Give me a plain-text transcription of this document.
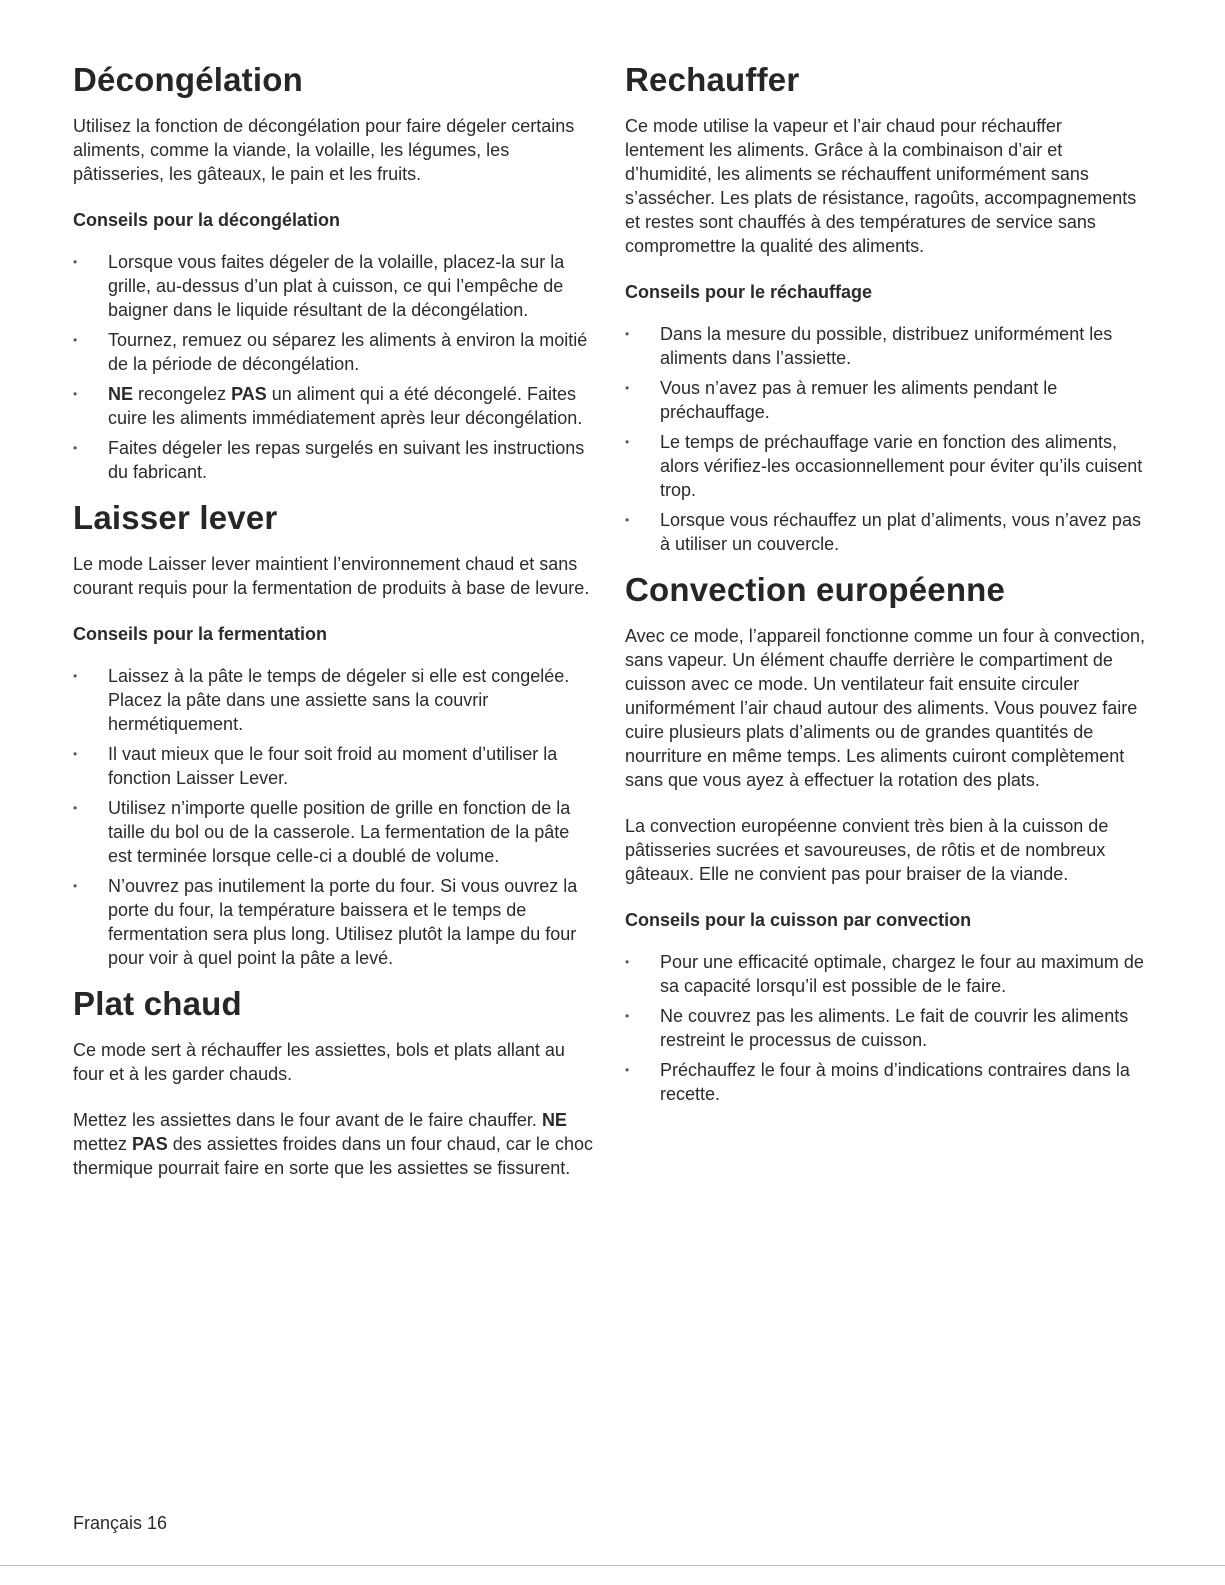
Décongélation

Utilisez la fonction de décongélation pour faire dégeler certains aliments, comme la viande, la volaille, les légumes, les pâtisseries, les gâteaux, le pain et les fruits.

Conseils pour la décongélation
• Lorsque vous faites dégeler de la volaille, placez-la sur la grille, au-dessus d’un plat à cuisson, ce qui l’empêche de baigner dans le liquide résultant de la décongélation.
• Tournez, remuez ou séparez les aliments à environ la moitié de la période de décongélation.
• NE recongelez PAS un aliment qui a été décongelé. Faites cuire les aliments immédiatement après leur décongélation.
• Faites dégeler les repas surgelés en suivant les instructions du fabricant.
Laisser lever

Le mode Laisser lever maintient l’environnement chaud et sans courant requis pour la fermentation de produits à base de levure.

Conseils pour la fermentation
• Laissez à la pâte le temps de dégeler si elle est congelée. Placez la pâte dans une assiette sans la couvrir hermétiquement.
• Il vaut mieux que le four soit froid au moment d’utiliser la fonction Laisser Lever.
• Utilisez n’importe quelle position de grille en fonction de la taille du bol ou de la casserole. La fermentation de la pâte est terminée lorsque celle-ci a doublé de volume.
• N’ouvrez pas inutilement la porte du four. Si vous ouvrez la porte du four, la température baissera et le temps de fermentation sera plus long. Utilisez plutôt la lampe du four pour voir à quel point la pâte a levé.
Plat chaud

Ce mode sert à réchauffer les assiettes, bols et plats allant au four et à les garder chauds.

Mettez les assiettes dans le four avant de le faire chauffer. NE mettez PAS des assiettes froides dans un four chaud, car le choc thermique pourrait faire en sorte que les assiettes se fissurent.

Rechauffer

Ce mode utilise la vapeur et l’air chaud pour réchauffer lentement les aliments. Grâce à la combinaison d’air et d’humidité, les aliments se réchauffent uniformément sans s’assécher. Les plats de résistance, ragoûts, accompagnements et restes sont chauffés à des températures de service sans compromettre la qualité des aliments.

Conseils pour le réchauffage
• Dans la mesure du possible, distribuez uniformément les aliments dans l’assiette.
• Vous n’avez pas à remuer les aliments pendant le préchauffage.
• Le temps de préchauffage varie en fonction des aliments, alors vérifiez-les occasionnellement pour éviter qu’ils cuisent trop.
• Lorsque vous réchauffez un plat d’aliments, vous n’avez pas à utiliser un couvercle.
Convection européenne

Avec ce mode, l’appareil fonctionne comme un four à convection, sans vapeur. Un élément chauffe derrière le compartiment de cuisson avec ce mode. Un ventilateur fait ensuite circuler uniformément l’air chaud autour des aliments. Vous pouvez faire cuire plusieurs plats d’aliments ou de grandes quantités de nourriture en même temps. Les aliments cuiront complètement sans que vous ayez à effectuer la rotation des plats.

La convection européenne convient très bien à la cuisson de pâtisseries sucrées et savoureuses, de rôtis et de nombreux gâteaux. Elle ne convient pas pour braiser de la viande.

Conseils pour la cuisson par convection
• Pour une efficacité optimale, chargez le four au maximum de sa capacité lorsqu’il est possible de le faire.
• Ne couvrez pas les aliments. Le fait de couvrir les aliments restreint le processus de cuisson.
• Préchauffez le four à moins d’indications contraires dans la recette.
Français 16
